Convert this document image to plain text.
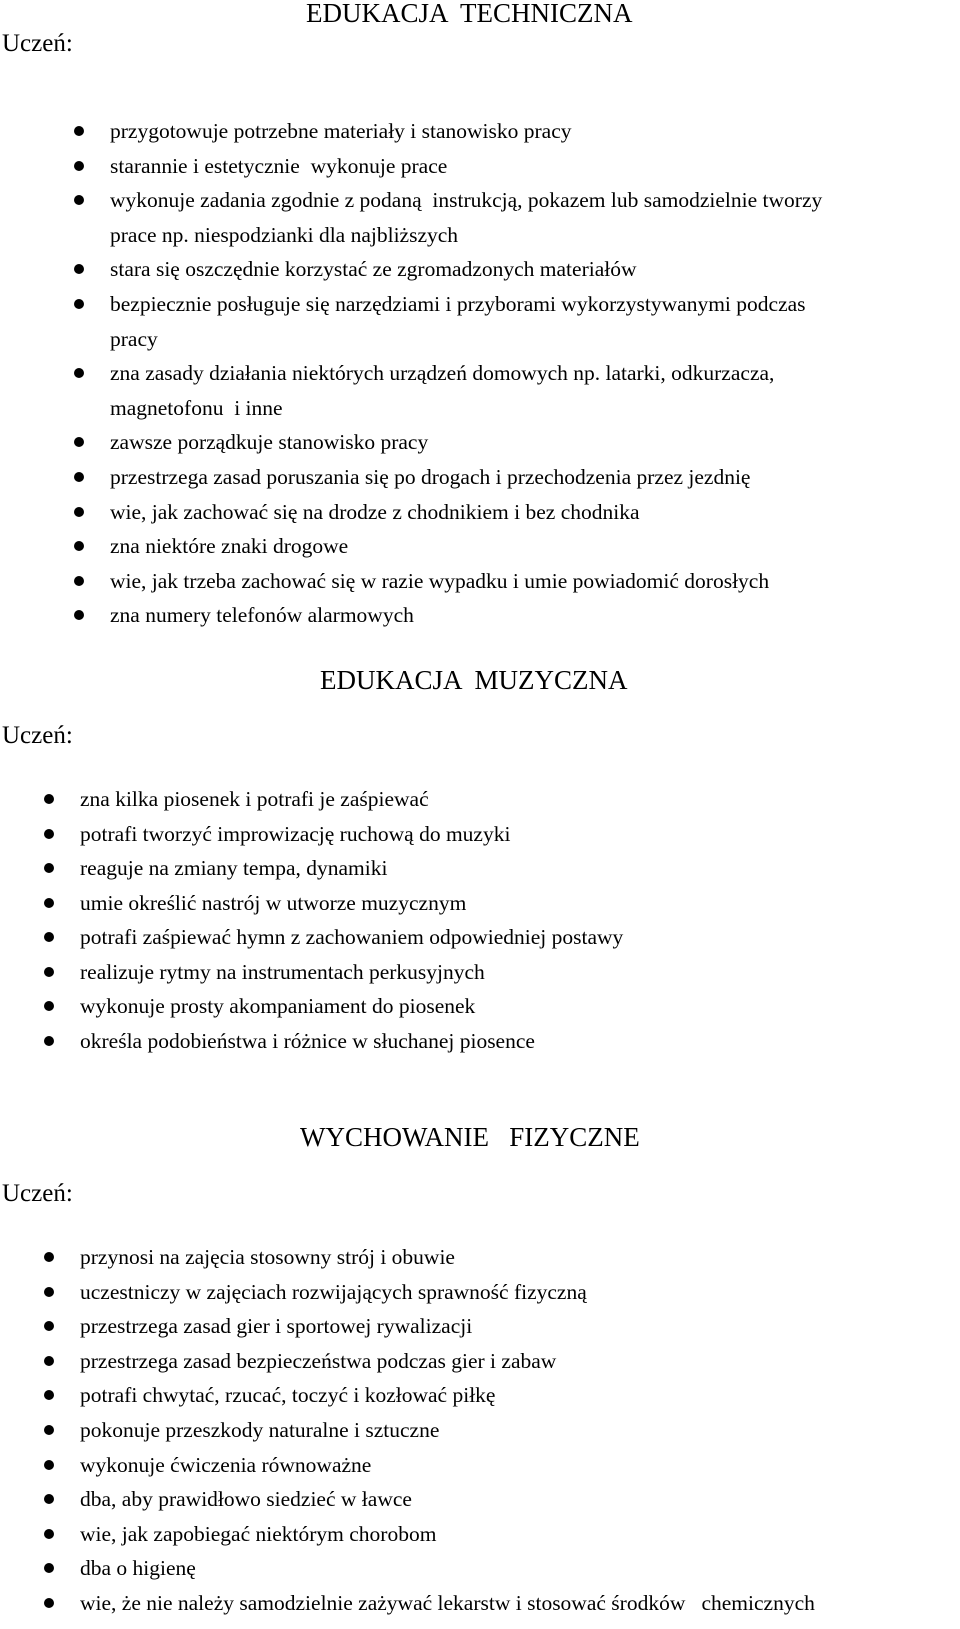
EDUKACJA  TECHNICZNA

Uczeń:

przygotowuje potrzebne materiały i stanowisko pracy
starannie i estetycznie  wykonuje prace
wykonuje zadania zgodnie z podaną  instrukcją, pokazem lub samodzielnie tworzy
prace np. niespodzianki dla najbliższych
stara się oszczędnie korzystać ze zgromadzonych materiałów
bezpiecznie posługuje się narzędziami i przyborami wykorzystywanymi podczas
pracy
zna zasady działania niektórych urządzeń domowych np. latarki, odkurzacza,
magnetofonu  i inne
zawsze porządkuje stanowisko pracy
przestrzega zasad poruszania się po drogach i przechodzenia przez jezdnię
wie, jak zachować się na drodze z chodnikiem i bez chodnika
zna niektóre znaki drogowe
wie, jak trzeba zachować się w razie wypadku i umie powiadomić dorosłych
zna numery telefonów alarmowych
EDUKACJA  MUZYCZNA

Uczeń:

zna kilka piosenek i potrafi je zaśpiewać
potrafi tworzyć improwizację ruchową do muzyki
reaguje na zmiany tempa, dynamiki
umie określić nastrój w utworze muzycznym
potrafi zaśpiewać hymn z zachowaniem odpowiedniej postawy
realizuje rytmy na instrumentach perkusyjnych
wykonuje prosty akompaniament do piosenek
określa podobieństwa i różnice w słuchanej piosence
WYCHOWANIE   FIZYCZNE

Uczeń:

przynosi na zajęcia stosowny strój i obuwie
uczestniczy w zajęciach rozwijających sprawność fizyczną
przestrzega zasad gier i sportowej rywalizacji
przestrzega zasad bezpieczeństwa podczas gier i zabaw
potrafi chwytać, rzucać, toczyć i kozłować piłkę
pokonuje przeszkody naturalne i sztuczne
wykonuje ćwiczenia równoważne
dba, aby prawidłowo siedzieć w ławce
wie, jak zapobiegać niektórym chorobom
dba o higienę
wie, że nie należy samodzielnie zażywać lekarstw i stosować środków   chemicznych
